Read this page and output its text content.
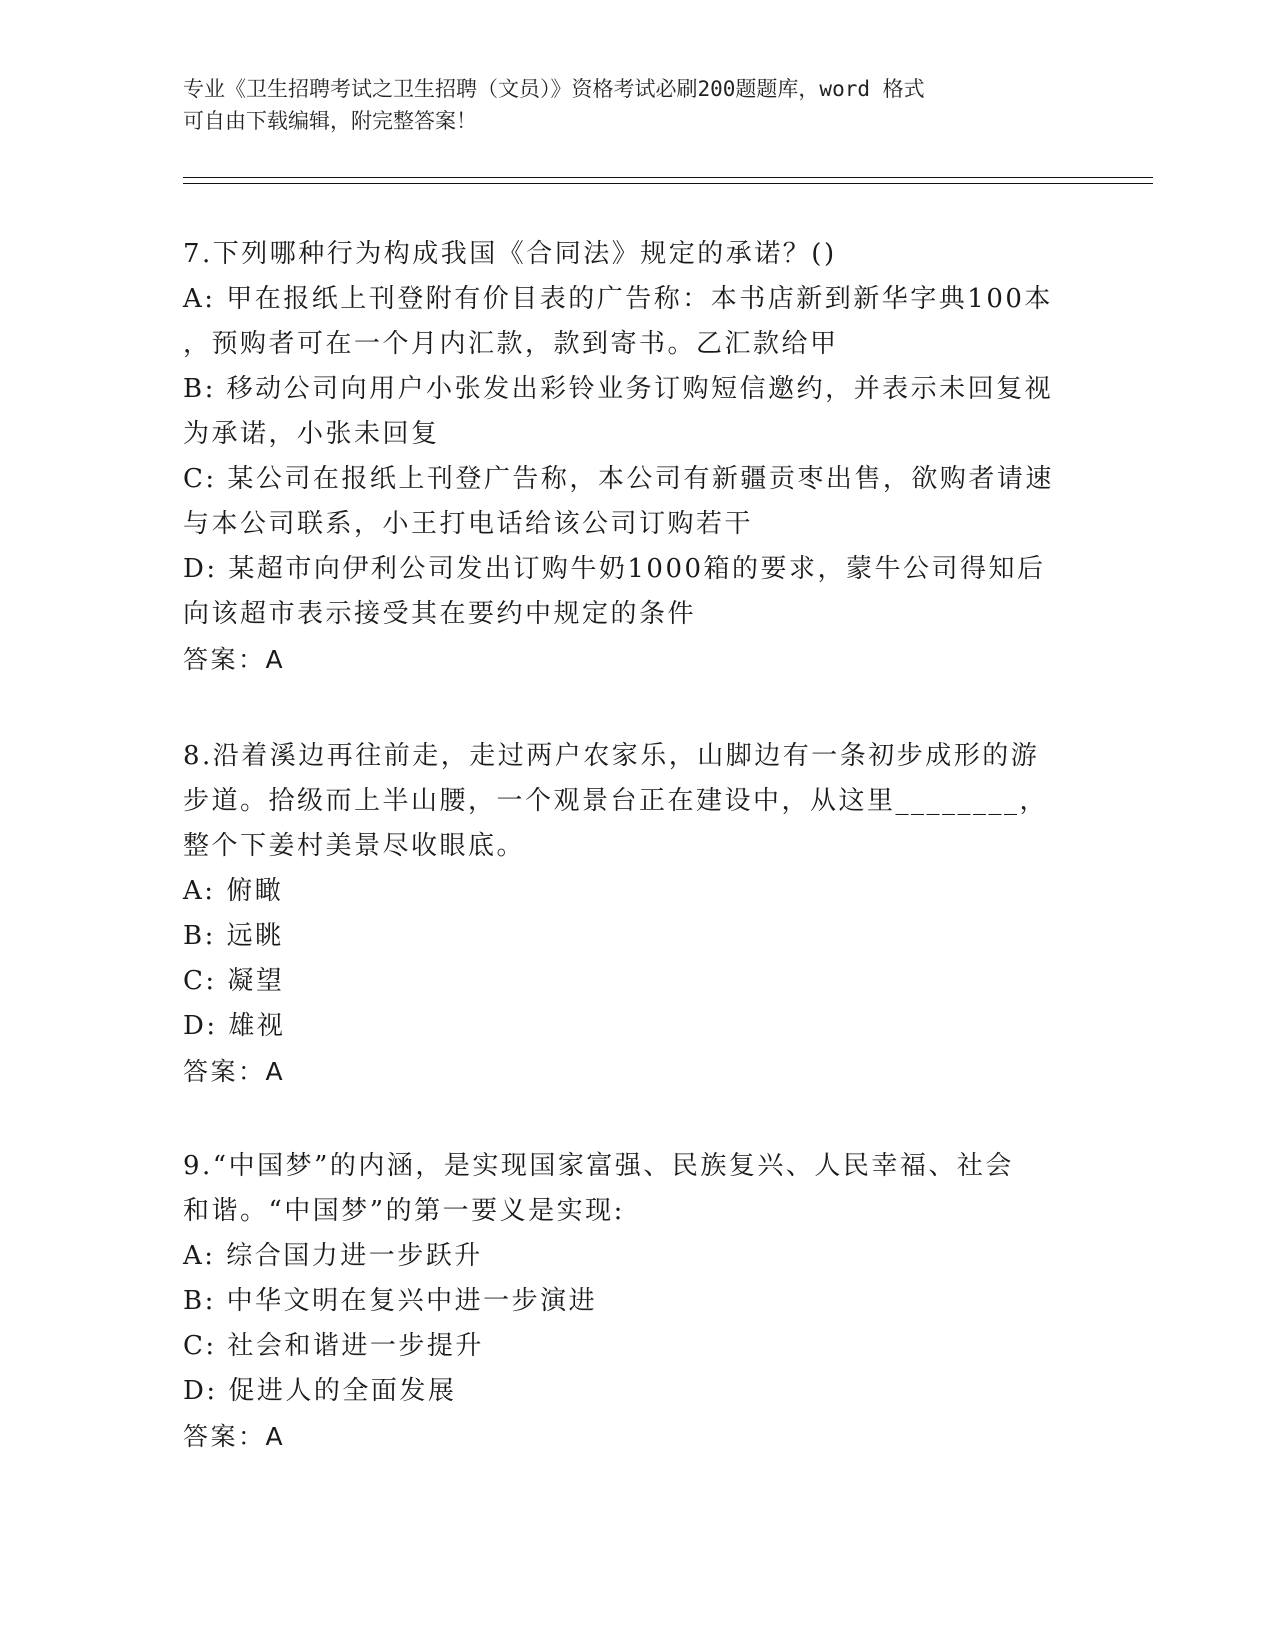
专业《卫生招聘考试之卫生招聘（文员）》资格考试必刷200题题库，word 格式
可自由下载编辑，附完整答案！

7.下列哪种行为构成我国《合同法》规定的承诺？()

A: 甲在报纸上刊登附有价目表的广告称：本书店新到新华字典100本

，预购者可在一个月内汇款，款到寄书。乙汇款给甲

B: 移动公司向用户小张发出彩铃业务订购短信邀约，并表示未回复视

为承诺，小张未回复

C: 某公司在报纸上刊登广告称，本公司有新疆贡枣出售，欲购者请速

与本公司联系，小王打电话给该公司订购若干

D: 某超市向伊利公司发出订购牛奶1000箱的要求，蒙牛公司得知后

向该超市表示接受其在要约中规定的条件

答案：A

8.沿着溪边再往前走，走过两户农家乐，山脚边有一条初步成形的游

步道。拾级而上半山腰，一个观景台正在建设中，从这里________，

整个下姜村美景尽收眼底。

A: 俯瞰

B: 远眺

C: 凝望

D: 雄视

答案：A

9.“中国梦”的内涵，是实现国家富强、民族复兴、人民幸福、社会

和谐。“中国梦”的第一要义是实现:

A: 综合国力进一步跃升

B: 中华文明在复兴中进一步演进

C: 社会和谐进一步提升

D: 促进人的全面发展

答案：A
